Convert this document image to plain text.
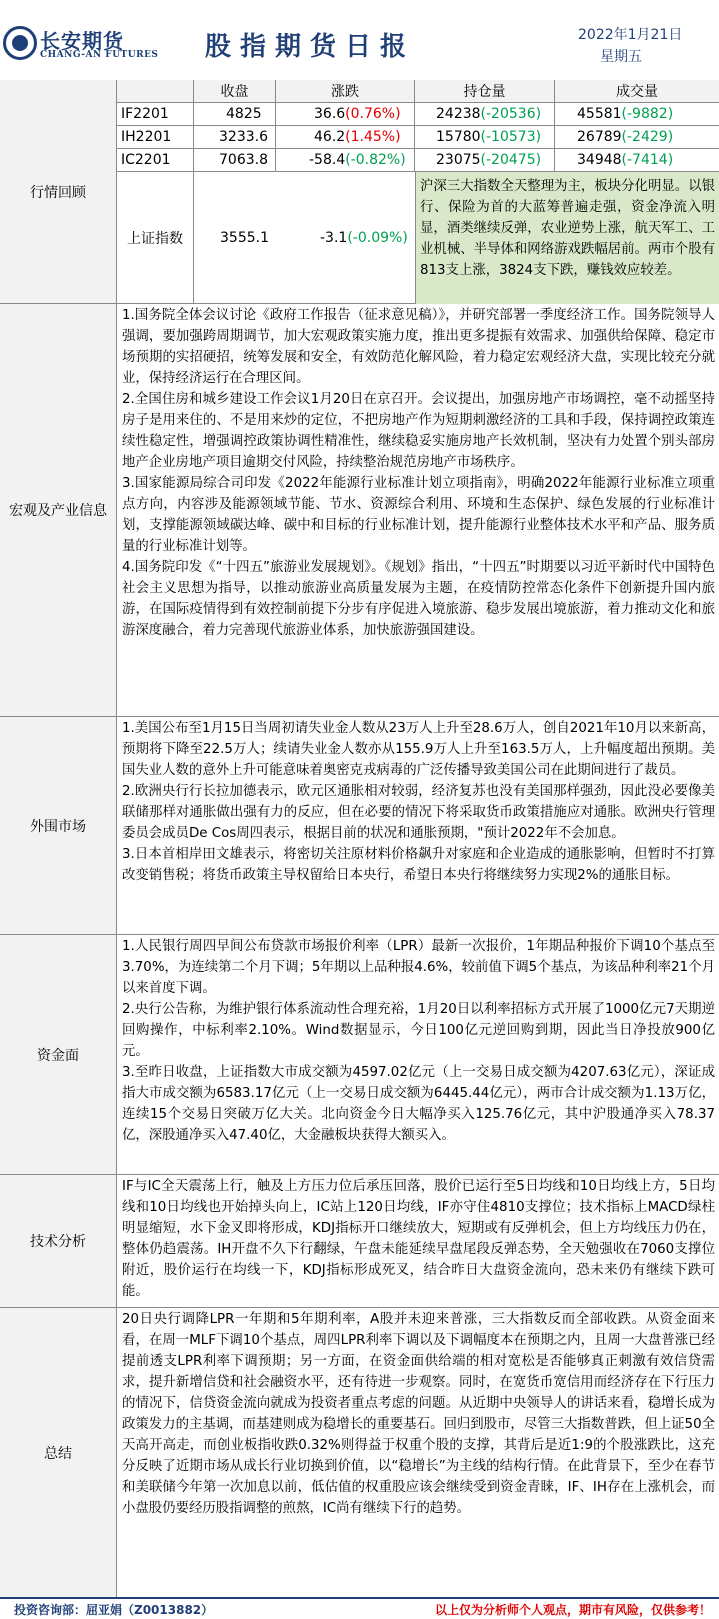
长安期货
CHANG-AN FUTURES 股指期货日报	2022年1月21日
星期五
行情回顾
收盘	涨跌	持仓量	成交量
IF2201	4825	36.6 (0.76%)	24238 (-20536)	45581 (-9882)
IH2201	3233.6	46.2 (1.45%)	15780 (-10573)	26789 (-2429)
IC2201	7063.8	-58.4 (-0.82%) 23075 (-20475)	34948 (-7414)
上证指数	3555.1	-3.1 (-0.09%)
沪深三大指数全天整理为主，板块分化明显。以银行、保险为首的大蓝筹普遍走强，资金净流入明显，酒类继续反弹，农业逆势上涨，航天军工、工业机械、半导体和网络游戏跌幅居前。两市个股有813支上涨，3824支下跌，赚钱效应较差。
宏观及产业信息

1.国务院全体会议讨论《政府工作报告（征求意见稿）》，并研究部署一季度经济工作。国务院领导人强调，要加强跨周期调节，加大宏观政策实施力度，推出更多提振有效需求、加强供给保障、稳定市场预期的实招硬招，统筹发展和安全，有效防范化解风险，着力稳定宏观经济大盘，实现比较充分就业，保持经济运行在合理区间。

2.全国住房和城乡建设工作会议1月20日在京召开。会议提出，加强房地产市场调控，毫不动摇坚持房子是用来住的、不是用来炒的定位，不把房地产作为短期刺激经济的工具和手段，保持调控政策连续性稳定性，增强调控政策协调性精准性，继续稳妥实施房地产长效机制，坚决有力处置个别头部房地产企业房地产项目逾期交付风险，持续整治规范房地产市场秩序。

3.国家能源局综合司印发《2022年能源行业标准计划立项指南》，明确2022年能源行业标准立项重点方向，内容涉及能源领域节能、节水、资源综合利用、环境和生态保护、绿色发展的行业标准计划，支撑能源领域碳达峰、碳中和目标的行业标准计划，提升能源行业整体技术水平和产品、服务质量的行业标准计划等。

4.国务院印发《“十四五”旅游业发展规划》。《规划》指出，“十四五”时期要以习近平新时代中国特色社会主义思想为指导，以推动旅游业高质量发展为主题，在疫情防控常态化条件下创新提升国内旅游，在国际疫情得到有效控制前提下分步有序促进入境旅游、稳步发展出境旅游，着力推动文化和旅游深度融合，着力完善现代旅游业体系，加快旅游强国建设。

外围市场

1.美国公布至1月15日当周初请失业金人数从23万人上升至28.6万人，创自2021年10月以来新高，预期将下降至22.5万人；续请失业金人数亦从155.9万人上升至163.5万人，上升幅度超出预期。美国失业人数的意外上升可能意味着奥密克戎病毒的广泛传播导致美国公司在此期间进行了裁员。

2.欧洲央行行长拉加德表示，欧元区通胀相对较弱，经济复苏也没有美国那样强劲，因此没必要像美联储那样对通胀做出强有力的反应，但在必要的情况下将采取货币政策措施应对通胀。欧洲央行管理委员会成员De Cos周四表示，根据目前的状况和通胀预期，"预计2022年不会加息。

3.日本首相岸田文雄表示，将密切关注原材料价格飙升对家庭和企业造成的通胀影响，但暂时不打算改变销售税；将货币政策主导权留给日本央行，希望日本央行将继续努力实现2%的通胀目标。

资金面

1.人民银行周四早间公布贷款市场报价利率（LPR）最新一次报价，1年期品种报价下调10个基点至3.70%，为连续第二个月下调；5年期以上品种报4.6%，较前值下调5个基点，为该品种利率21个月以来首度下调。

2.央行公告称，为维护银行体系流动性合理充裕，1月20日以利率招标方式开展了1000亿元7天期逆回购操作，中标利率2.10%。Wind数据显示，今日100亿元逆回购到期，因此当日净投放900亿元。

3.至昨日收盘，上证指数大市成交额为4597.02亿元（上一交易日成交额为4207.63亿元），深证成指大市成交额为6583.17亿元（上一交易日成交额为6445.44亿元），两市合计成交额为1.13万亿，连续15个交易日突破万亿大关。北向资金今日大幅净买入125.76亿元，其中沪股通净买入78.37亿，深股通净买入47.40亿，大金融板块获得大额买入。

技术分析

IF与IC全天震荡上行，触及上方压力位后承压回落，股价已运行至5日均线和10日均线上方，5日均线和10日均线也开始掉头向上，IC站上120日均线，IF亦守住4810支撑位；技术指标上MACD绿柱明显缩短，水下金叉即将形成，KDJ指标开口继续放大，短期或有反弹机会，但上方均线压力仍在，整体仍趋震荡。IH开盘不久下行翻绿，午盘未能延续早盘尾段反弹态势，全天勉强收在7060支撑位附近，股价运行在均线一下，KDJ指标形成死叉，结合昨日大盘资金流向，恐未来仍有继续下跌可能。

总结

20日央行调降LPR一年期和5年期利率，A股并未迎来普涨，三大指数反而全部收跌。从资金面来看，在周一MLF下调10个基点，周四LPR利率下调以及下调幅度本在预期之内，且周一大盘普涨已经提前透支LPR利率下调预期；另一方面，在资金面供给端的相对宽松是否能够真正刺激有效信贷需求，提升新增信贷和社会融资水平，还有待进一步观察。同时，在宽货币宽信用而经济存在下行压力的情况下，信贷资金流向就成为投资者重点考虑的问题。从近期中央领导人的讲话来看，稳增长成为政策发力的主基调，而基建则成为稳增长的重要基石。回归到股市，尽管三大指数普跌，但上证50全天高开高走，而创业板指收跌0.32%则得益于权重个股的支撑，其背后是近1:9的个股涨跌比，这充分反映了近期市场从成长行业切换到价值，以“稳增长”为主线的结构行情。在此背景下，至少在春节和美联储今年第一次加息以前，低估值的权重股应该会继续受到资金青睐，IF、IH存在上涨机会，而小盘股仍要经历股指调整的煎熬，IC尚有继续下行的趋势。

投资咨询部：屈亚娟（Z0013882）	以上仅为分析师个人观点，期市有风险，仅供参考！
